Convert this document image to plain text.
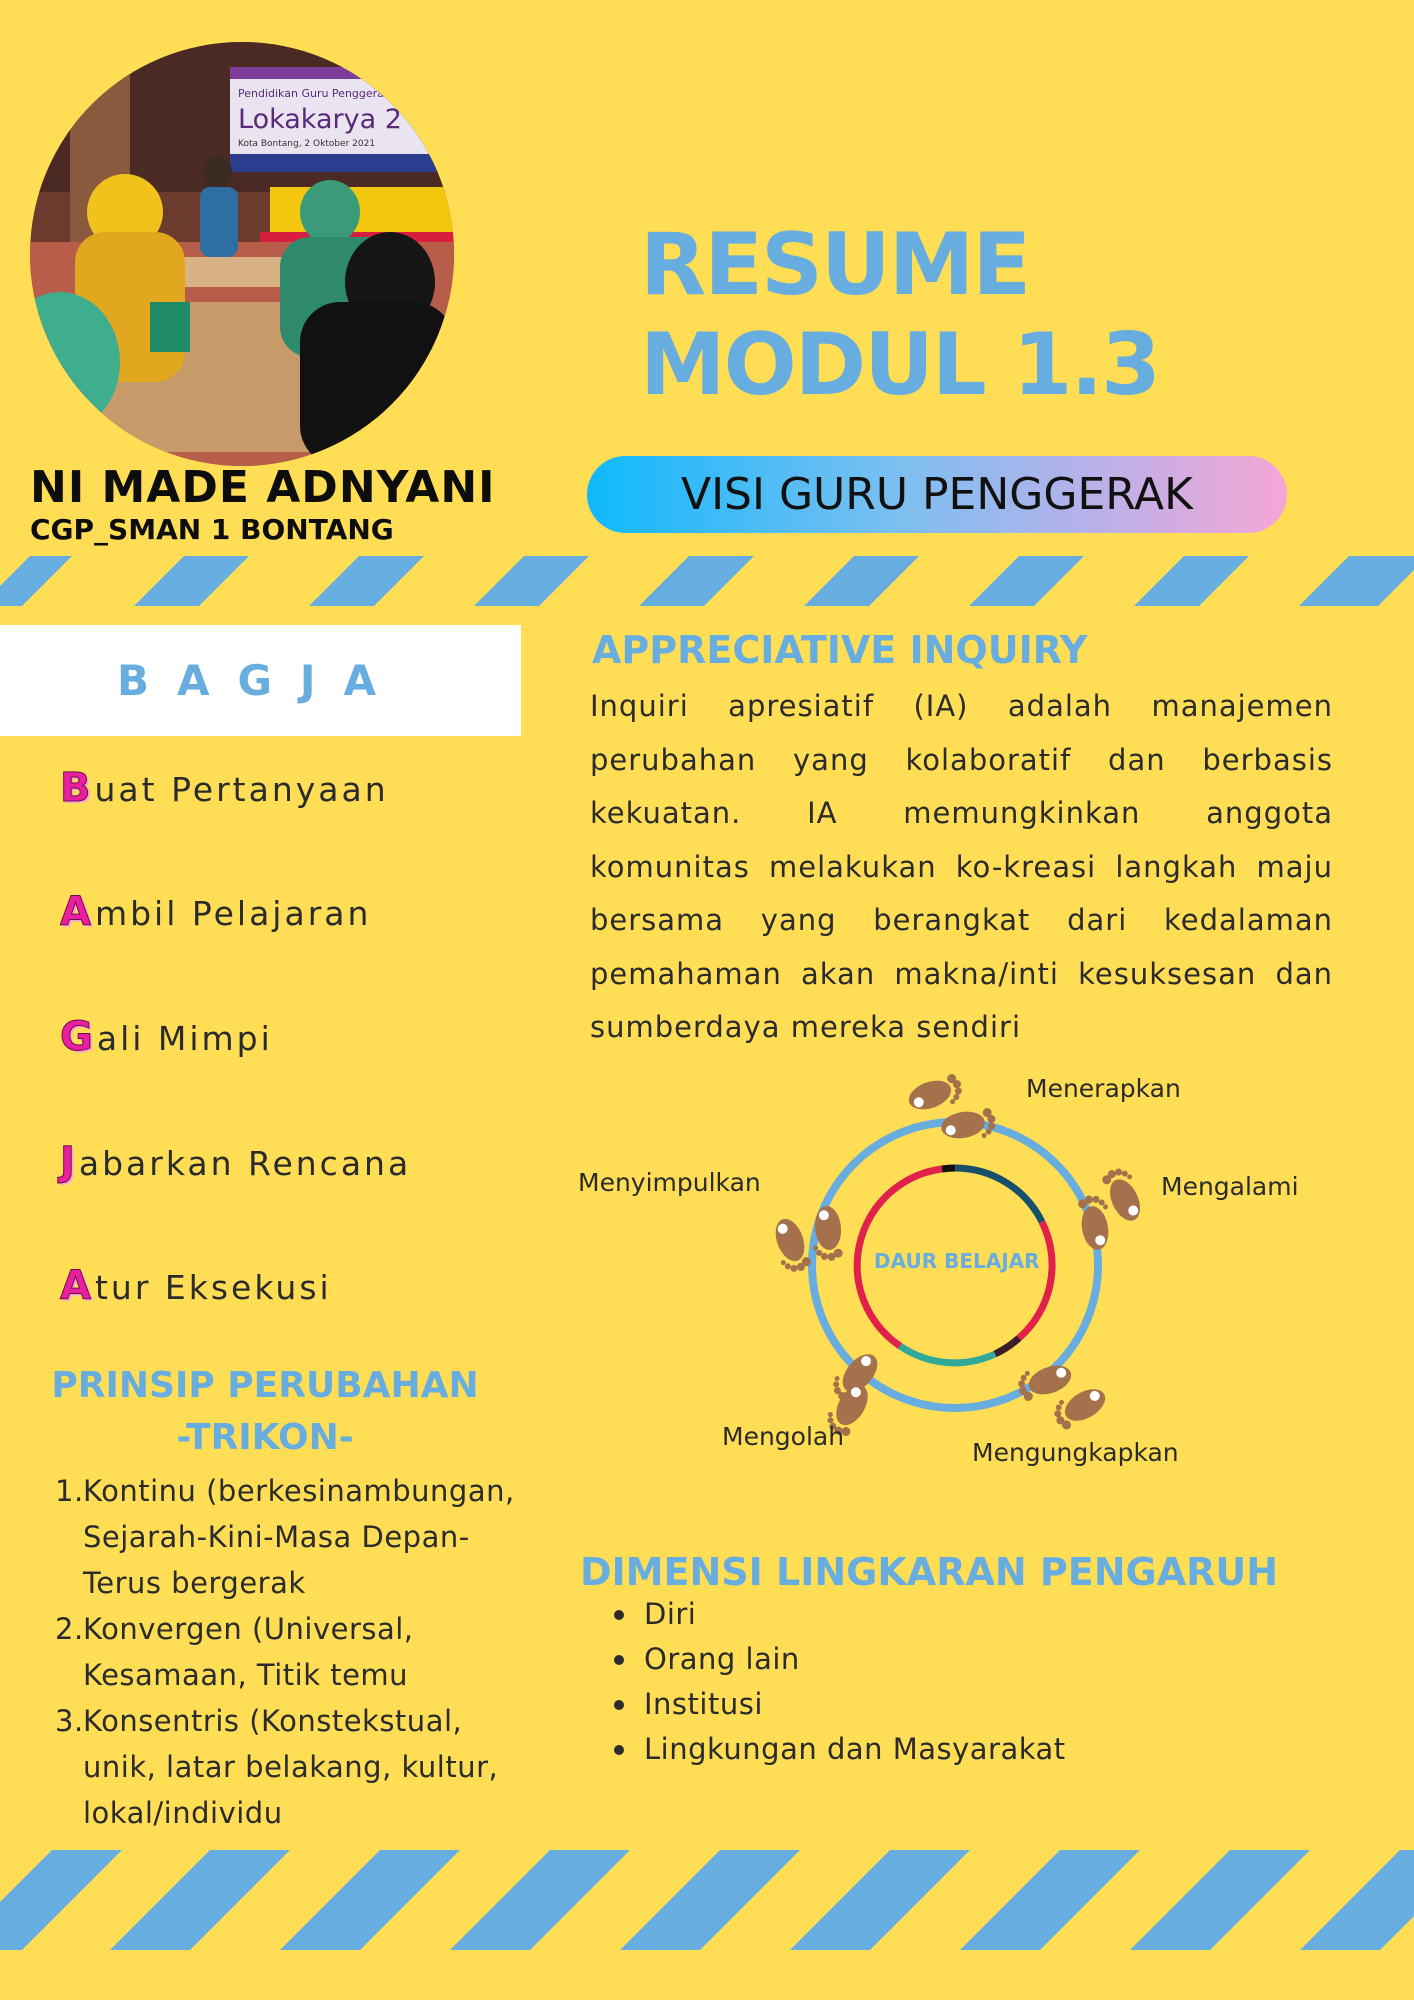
Pendidikan Guru Penggerak Angkatan
Lokakarya 2
Kota Bontang, 2 Oktober 2021
RESUME
MODUL 1.3
VISI GURU PENGGERAK
NI MADE ADNYANI
CGP_SMAN 1 BONTANG
BAGJA
B uat Pertanyaan
A mbil Pelajaran
G ali Mimpi
J abarkan Rencana
A tur Eksekusi
PRINSIP PERUBAHAN
-TRIKON-
1. Kontinu (berkesinambungan,
Sejarah-Kini-Masa Depan-
Terus bergerak
2. Konvergen (Universal,
Kesamaan, Titik temu
3. Konsentris (Konstekstual,
unik, latar belakang, kultur,
lokal/individu
APPRECIATIVE INQUIRY
Inquiri apresiatif (IA) adalah manajemen perubahan yang kolaboratif dan berbasis kekuatan. IA memungkinkan anggota komunitas melakukan ko-kreasi langkah maju bersama yang berangkat dari kedalaman pemahaman akan makna/inti kesuksesan dan sumberdaya mereka sendiri
DAUR BELAJAR
Menerapkan
Mengalami
Mengungkapkan
Mengolah
Menyimpulkan
DIMENSI LINGKARAN PENGARUH
Diri
Orang lain
Institusi
Lingkungan dan Masyarakat
